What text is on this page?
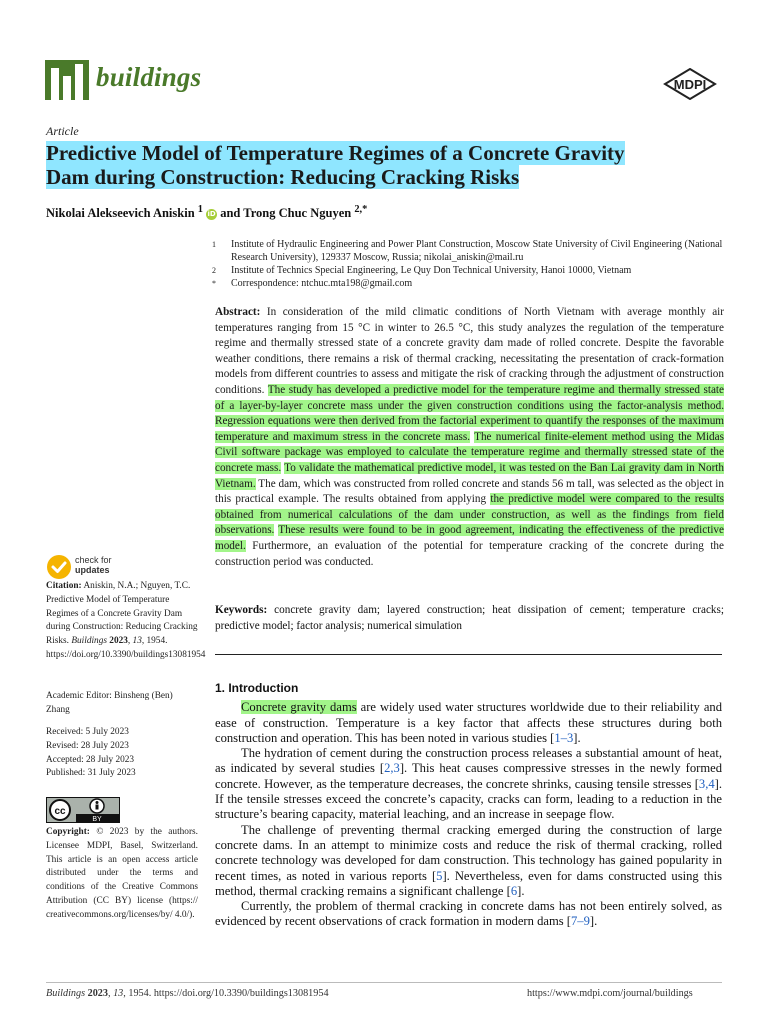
buildings	MDPI
Article
Predictive Model of Temperature Regimes of a Concrete Gravity
Dam during Construction: Reducing Cracking Risks
Nikolai Alekseevich Aniskin $^1$ iD and Trong Chuc Nguyen $^{2,*}$
1	Institute of Hydraulic Engineering and Power Plant Construction, Moscow State University of Civil Engineering (National Research University), 129337 Moscow, Russia; nikolai_aniskin@mail.ru
2	Institute of Technics Special Engineering, Le Quy Don Technical University, Hanoi 10000, Vietnam
*	Correspondence: ntchuc.mta198@gmail.com
Abstract: In consideration of the mild climatic conditions of North Vietnam with average monthly air temperatures ranging from 15 °C in winter to 26.5 °C, this study analyzes the regulation of the temperature regime and thermally stressed state of a concrete gravity dam made of rolled concrete. Despite the favorable weather conditions, there remains a risk of thermal cracking, necessitating the presentation of crack-formation models from different countries to assess and mitigate the risk of cracking through the adjustment of construction conditions. The study has developed a predictive model for the temperature regime and thermally stressed state of a layer-by-layer concrete mass under the given construction conditions using the factor-analysis method. Regression equations were then derived from the factorial experiment to quantify the responses of the maximum temperature and maximum stress in the concrete mass. The numerical finite-element method using the Midas Civil software package was employed to calculate the temperature regime and thermally stressed state of the concrete mass. To validate the mathematical predictive model, it was tested on the Ban Lai gravity dam in North Vietnam. The dam, which was constructed from rolled concrete and stands 56 m tall, was selected as the object in this practical example. The results obtained from applying the predictive model were compared to the results obtained from numerical calculations of the dam under construction, as well as the findings from field observations. These results were found to be in good agreement, indicating the effectiveness of the predictive model. Furthermore, an evaluation of the potential for temperature cracking of the concrete during the construction period was conducted.
Keywords: concrete gravity dam; layered construction; heat dissipation of cement; temperature cracks; predictive model; factor analysis; numerical simulation
1. Introduction

Concrete gravity dams are widely used water structures worldwide due to their reliability and ease of construction. Temperature is a key factor that affects these structures during both construction and operation. This has been noted in various studies [1–3].

The hydration of cement during the construction process releases a substantial amount of heat, as indicated by several studies [2,3]. This heat causes compressive stresses in the newly formed concrete. However, as the temperature decreases, the concrete shrinks, causing tensile stresses [3,4]. If the tensile stresses exceed the concrete’s capacity, cracks can form, leading to a reduction in the structure’s bearing capacity, material leaching, and an increase in seepage flow.

The challenge of preventing thermal cracking emerged during the construction of large concrete dams. In an attempt to minimize costs and reduce the risk of thermal cracking, rolled concrete technology was developed for dam construction. This technology has gained popularity in recent times, as noted in various reports [5]. Nevertheless, even for dams constructed using this method, thermal cracking remains a significant challenge [6].

Currently, the problem of thermal cracking in concrete dams has not been entirely solved, as evidenced by recent observations of crack formation in modern dams [7–9].

check for
updates
Citation: Aniskin, N.A.; Nguyen, T.C. Predictive Model of Temperature Regimes of a Concrete Gravity Dam during Construction: Reducing Cracking Risks. Buildings 2023, 13, 1954. https://doi.org/10.3390/buildings13081954
Academic Editor: Binsheng (Ben)
Zhang
Received: 5 July 2023
Revised: 28 July 2023
Accepted: 28 July 2023
Published: 31 July 2023
cc
BY
Copyright: © 2023 by the authors. Licensee MDPI, Basel, Switzerland. This article is an open access article distributed under the terms and conditions of the Creative Commons Attribution (CC BY) license (https:// creativecommons.org/licenses/by/ 4.0/).
Buildings 2023, 13, 1954. https://doi.org/10.3390/buildings13081954	https://www.mdpi.com/journal/buildings
